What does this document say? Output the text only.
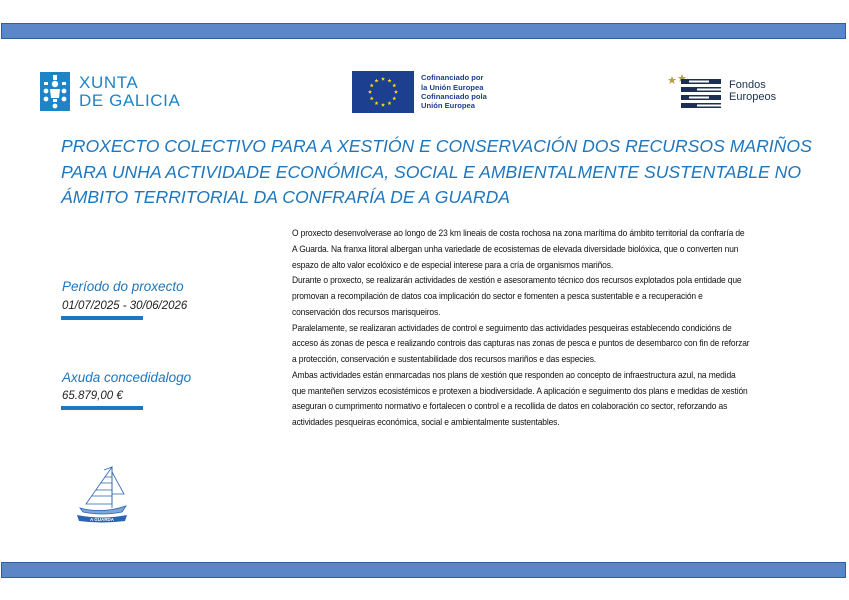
XUNTA
DE GALICIA
Cofinanciado por
la Unión Europea
Cofinanciado pola
Unión Europea
Fondos
Europeos
PROXECTO COLECTIVO PARA A XESTIÓN E CONSERVACIÓN DOS RECURSOS MARIÑOS PARA UNHA ACTIVIDADE ECONÓMICA, SOCIAL E AMBIENTALMENTE SUSTENTABLE NO ÁMBITO TERRITORIAL DA CONFRARÍA DE A GUARDA
Período do proxecto
01/07/2025 - 30/06/2026
Axuda concedidalogo
65.879,00 €

O proxecto desenvolverase ao longo de 23 km lineais de costa rochosa na zona marítima do ámbito territorial da confraría de A Guarda. Na franxa litoral albergan unha variedade de ecosistemas de elevada diversidade biolóxica, que o converten nun espazo de alto valor ecolóxico e de especial interese para a cría de organismos mariños.

Durante o proxecto, se realizarán actividades de xestión e asesoramento técnico dos recursos explotados pola entidade que promovan a recompilación de datos coa implicación do sector e fomenten a pesca sustentable e a recuperación e conservación dos recursos marisqueiros.

Paralelamente, se realizaran actividades de control e seguimento das actividades pesqueiras establecendo condicións de acceso ás zonas de pesca e realizando controis das capturas nas zonas de pesca e puntos de desembarco con fin de reforzar a protección, conservación e sustentabilidade dos recursos mariños e das especies.

Ambas actividades están enmarcadas nos plans de xestión que responden ao concepto de infraestructura azul, na medida que manteñen servizos ecosistémicos e protexen a biodiversidade. A aplicación e seguimento dos plans e medidas de xestión aseguran o cumprimento normativo e fortalecen o control e a recollida de datos en colaboración co sector, reforzando as actividades pesqueiras económica, social e ambientalmente sustentables.

A GUARDA
